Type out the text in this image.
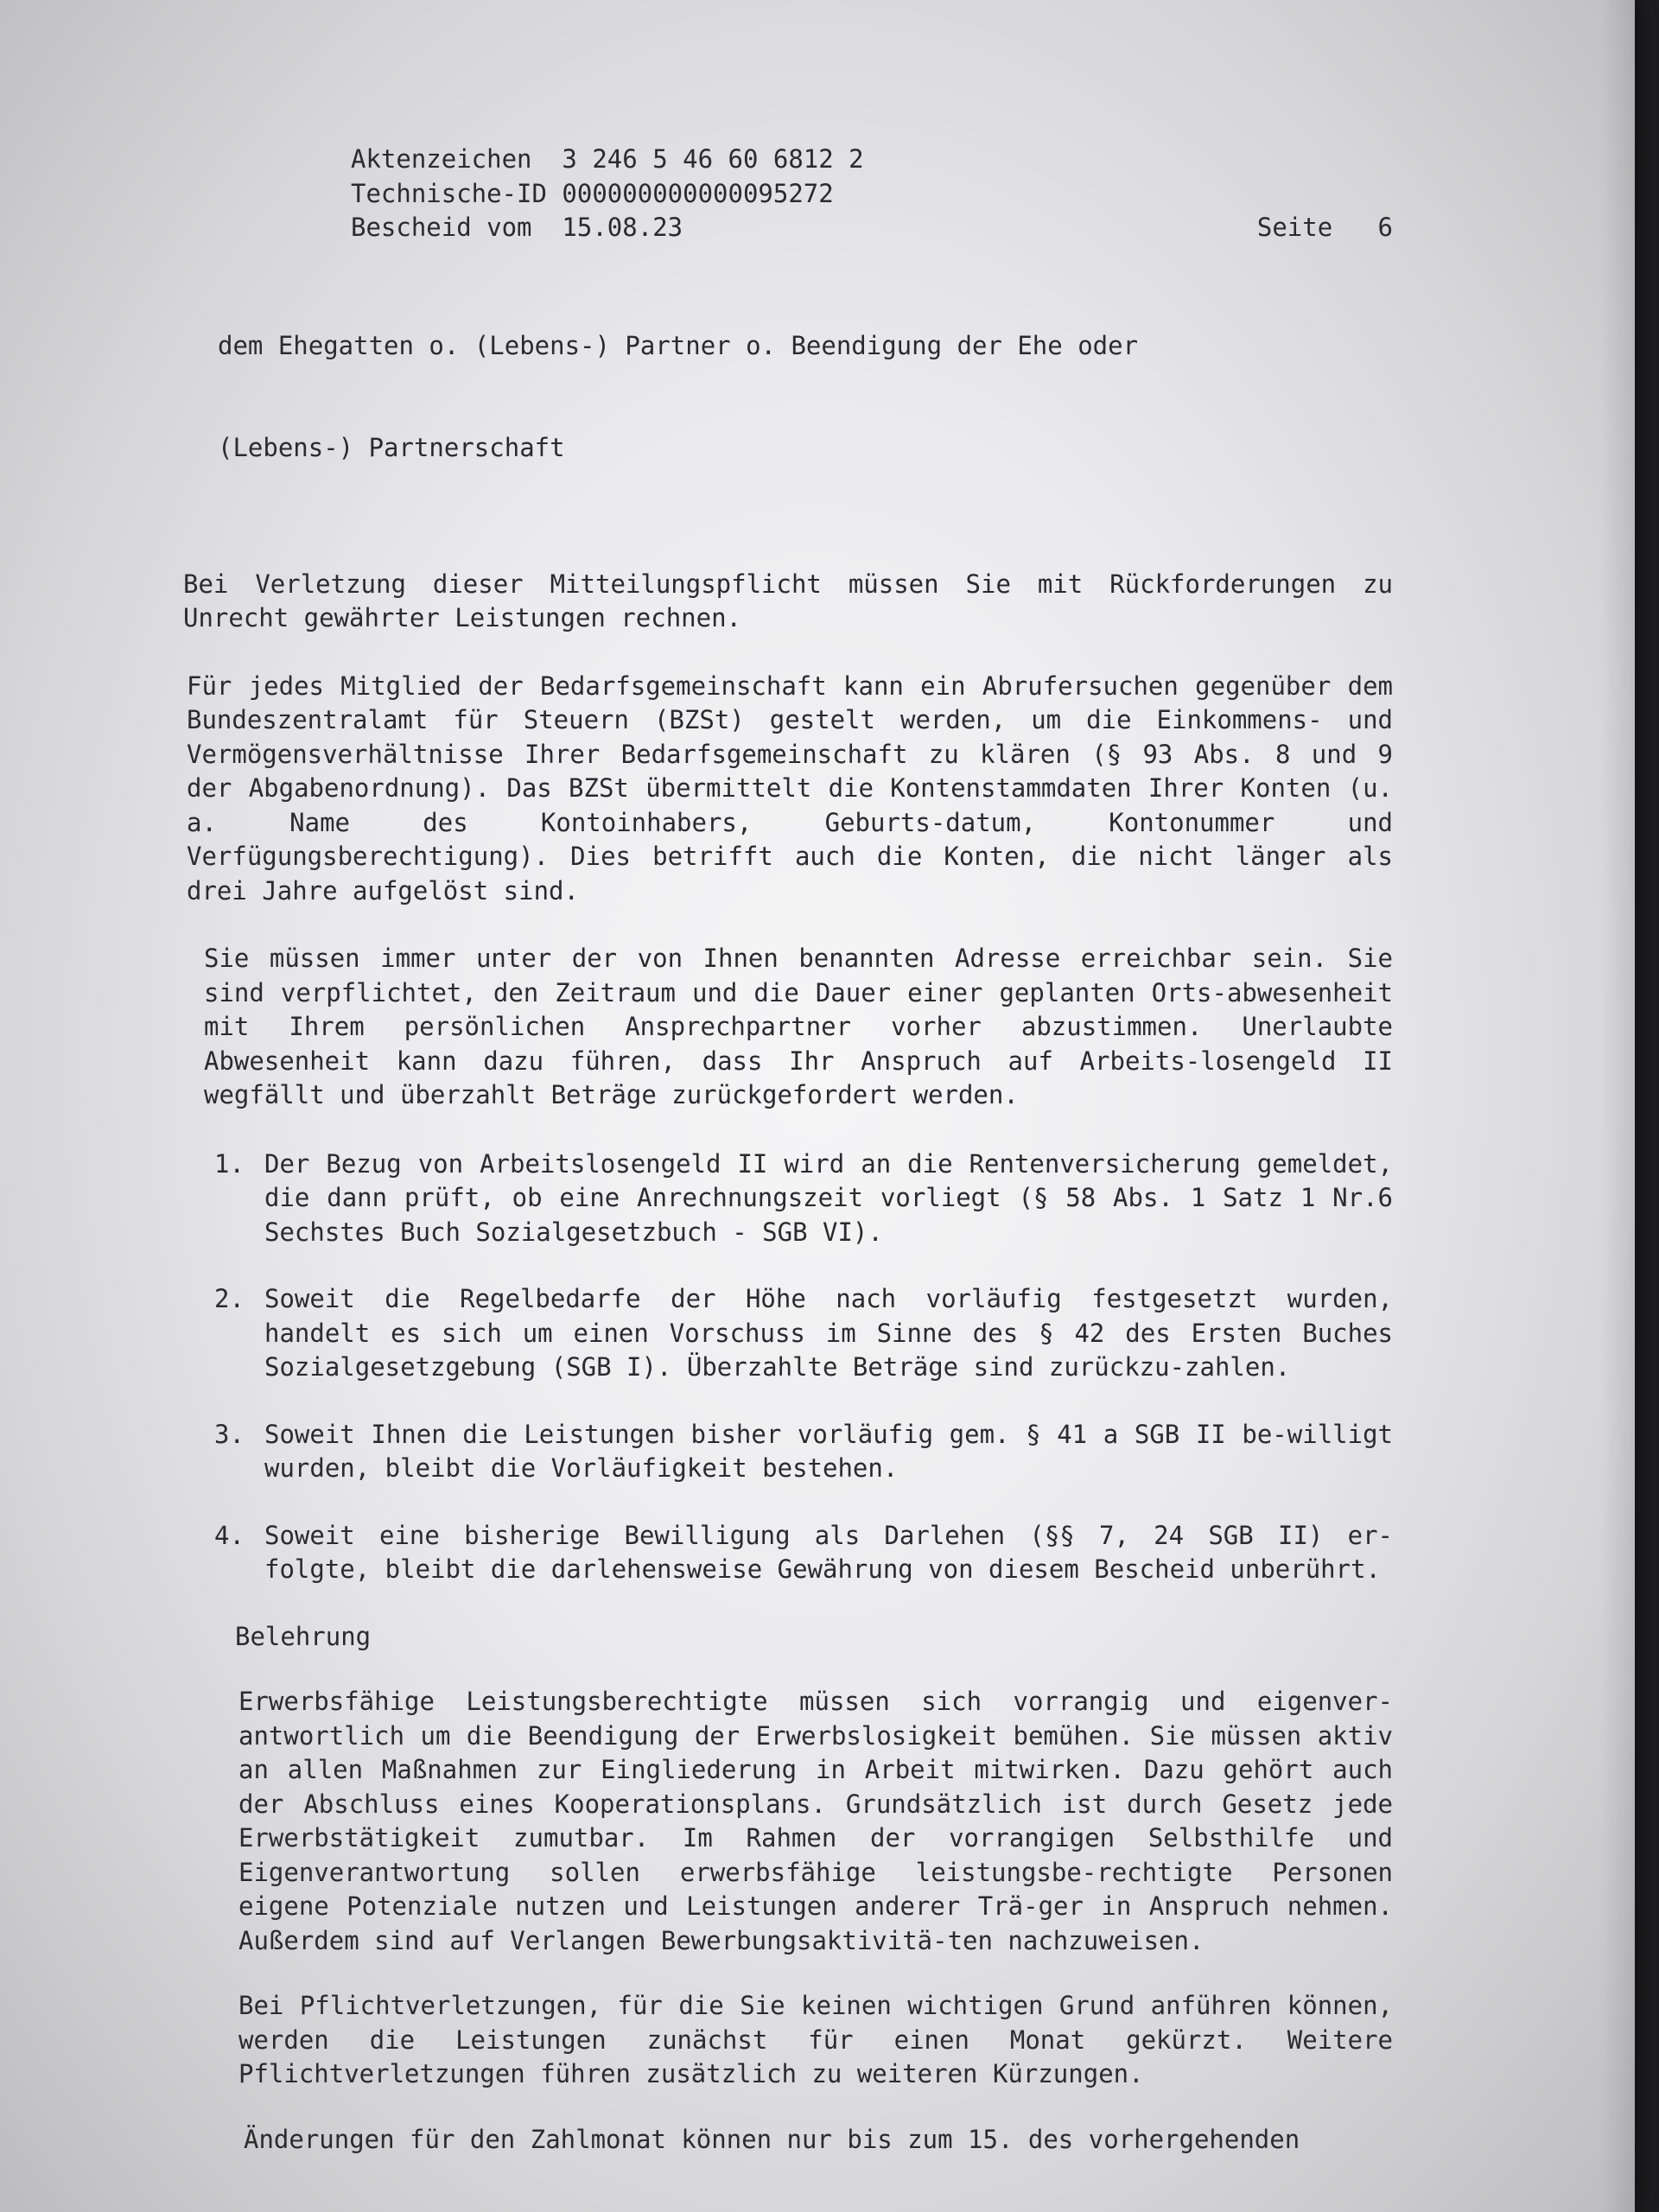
Aktenzeichen  3 246 5 46 60 6812 2
Technische-ID 000000000000095272
Bescheid vom  15.08.23	Seite   6

dem Ehegatten o. (Lebens-) Partner o. Beendigung der Ehe oder

(Lebens-) Partnerschaft

Bei Verletzung dieser Mitteilungspflicht müssen Sie mit Rückforderungen zu Unrecht gewährter Leistungen rechnen.
Für jedes Mitglied der Bedarfsgemeinschaft kann ein Abrufersuchen gegenüber dem Bundeszentralamt für Steuern (BZSt) gestelt werden, um die Einkommens- und Vermögensverhältnisse Ihrer Bedarfsgemeinschaft zu klären (§ 93 Abs. 8 und 9 der Abgabenordnung). Das BZSt übermittelt die Kontenstammdaten Ihrer Konten (u. a. Name des Kontoinhabers, Geburts-datum, Kontonummer und Verfügungsberechtigung). Dies betrifft auch die Konten, die nicht länger als drei Jahre aufgelöst sind.
Sie müssen immer unter der von Ihnen benannten Adresse erreichbar sein. Sie sind verpflichtet, den Zeitraum und die Dauer einer geplanten Orts-abwesenheit mit Ihrem persönlichen Ansprechpartner vorher abzustimmen. Unerlaubte Abwesenheit kann dazu führen, dass Ihr Anspruch auf Arbeits-losengeld II wegfällt und überzahlt Beträge zurückgefordert werden.
1. Der Bezug von Arbeitslosengeld II wird an die Rentenversicherung gemeldet, die dann prüft, ob eine Anrechnungszeit vorliegt (§ 58 Abs. 1 Satz 1 Nr.6 Sechstes Buch Sozialgesetzbuch - SGB VI).
2. Soweit die Regelbedarfe der Höhe nach vorläufig festgesetzt wurden, handelt es sich um einen Vorschuss im Sinne des § 42 des Ersten Buches Sozialgesetzgebung (SGB I). Überzahlte Beträge sind zurückzu-zahlen.
3. Soweit Ihnen die Leistungen bisher vorläufig gem. § 41 a SGB II be-willigt wurden, bleibt die Vorläufigkeit bestehen.
4. Soweit eine bisherige Bewilligung als Darlehen (§§ 7, 24 SGB II) er-folgte, bleibt die darlehensweise Gewährung von diesem Bescheid unberührt.
Belehrung
Erwerbsfähige Leistungsberechtigte müssen sich vorrangig und eigenver-antwortlich um die Beendigung der Erwerbslosigkeit bemühen. Sie müssen aktiv an allen Maßnahmen zur Eingliederung in Arbeit mitwirken. Dazu gehört auch der Abschluss eines Kooperationsplans. Grundsätzlich ist durch Gesetz jede Erwerbstätigkeit zumutbar. Im Rahmen der vorrangigen Selbsthilfe und Eigenverantwortung sollen erwerbsfähige leistungsbe-rechtigte Personen eigene Potenziale nutzen und Leistungen anderer Trä-ger in Anspruch nehmen. Außerdem sind auf Verlangen Bewerbungsaktivitä-ten nachzuweisen.
Bei Pflichtverletzungen, für die Sie keinen wichtigen Grund anführen können, werden die Leistungen zunächst für einen Monat gekürzt. Weitere Pflichtverletzungen führen zusätzlich zu weiteren Kürzungen.
Änderungen für den Zahlmonat können nur bis zum 15. des vorhergehenden
